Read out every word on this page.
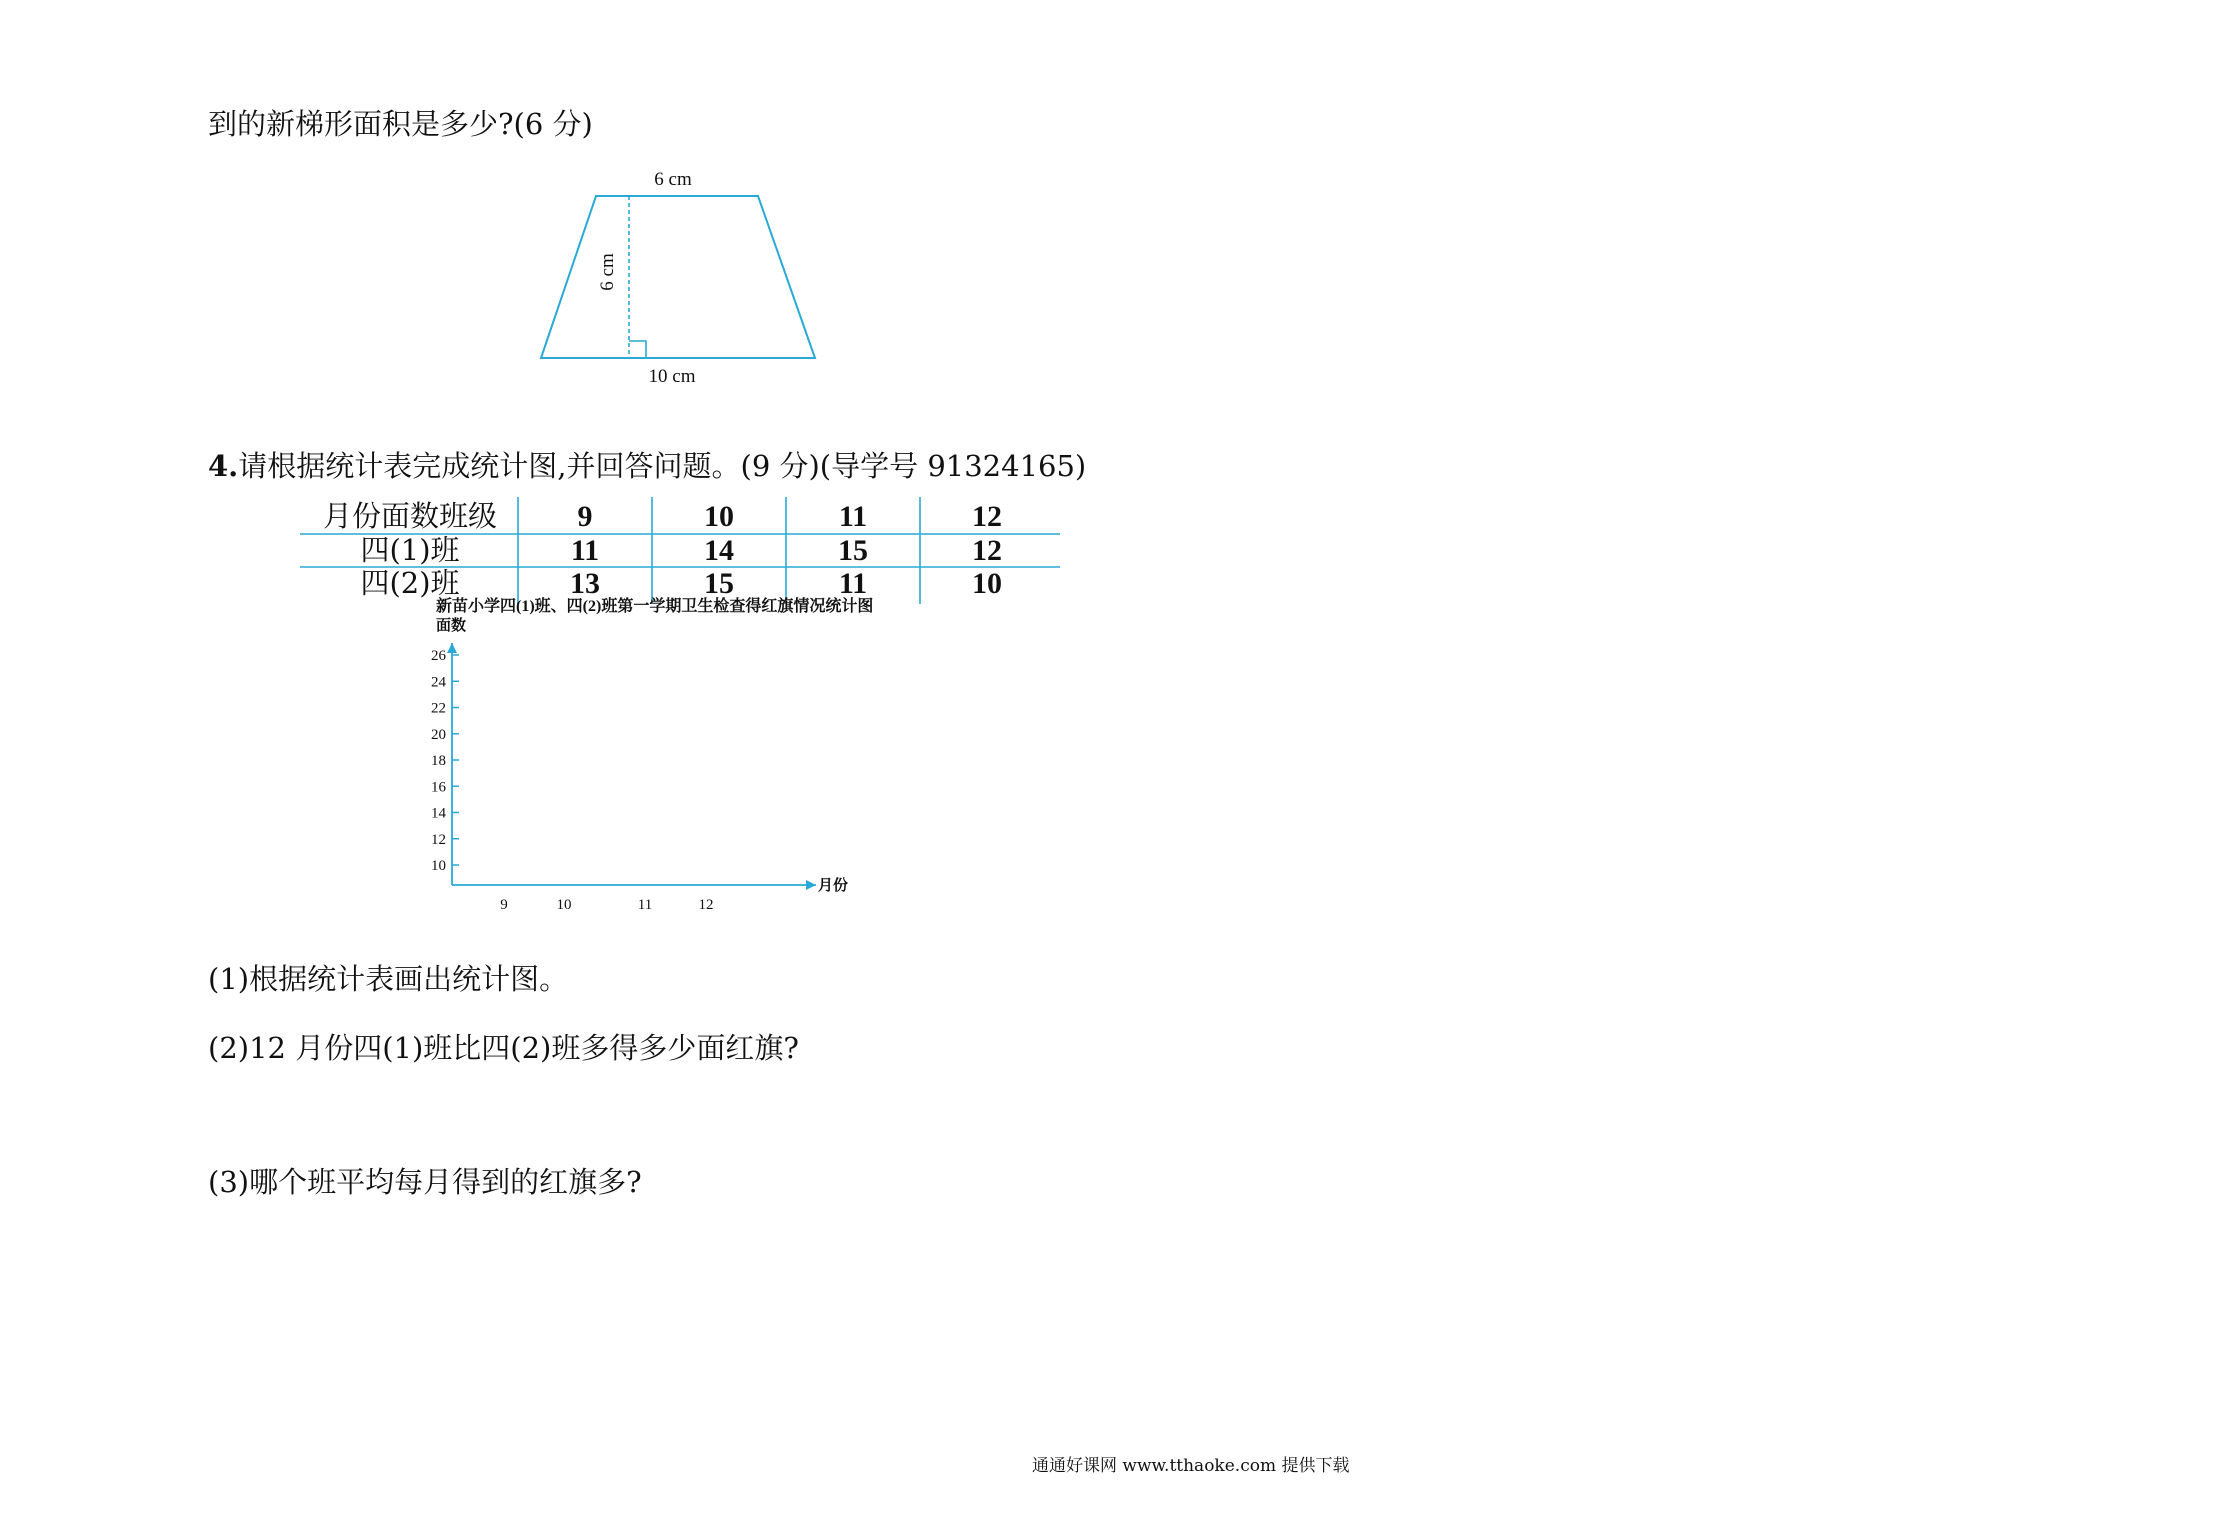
到的新梯形面积是多少?(6 分)
6 cm
6 cm
10 cm
4.请根据统计表完成统计图,并回答问题。(9 分)(导学号 91324165)
月份面数班级	9	10	11	12
四(1)班	11	14	15	12
四(2)班	13	15	11	10
新苗小学四(1)班、四(2)班第一学期卫生检查得红旗情况统计图
面数
月份
10
12
14
16
18
20
22
24
26
9	10	11	12
(1)根据统计表画出统计图。
(2)12 月份四(1)班比四(2)班多得多少面红旗?
(3)哪个班平均每月得到的红旗多?
通通好课网 www.tthaoke.com 提供下载
